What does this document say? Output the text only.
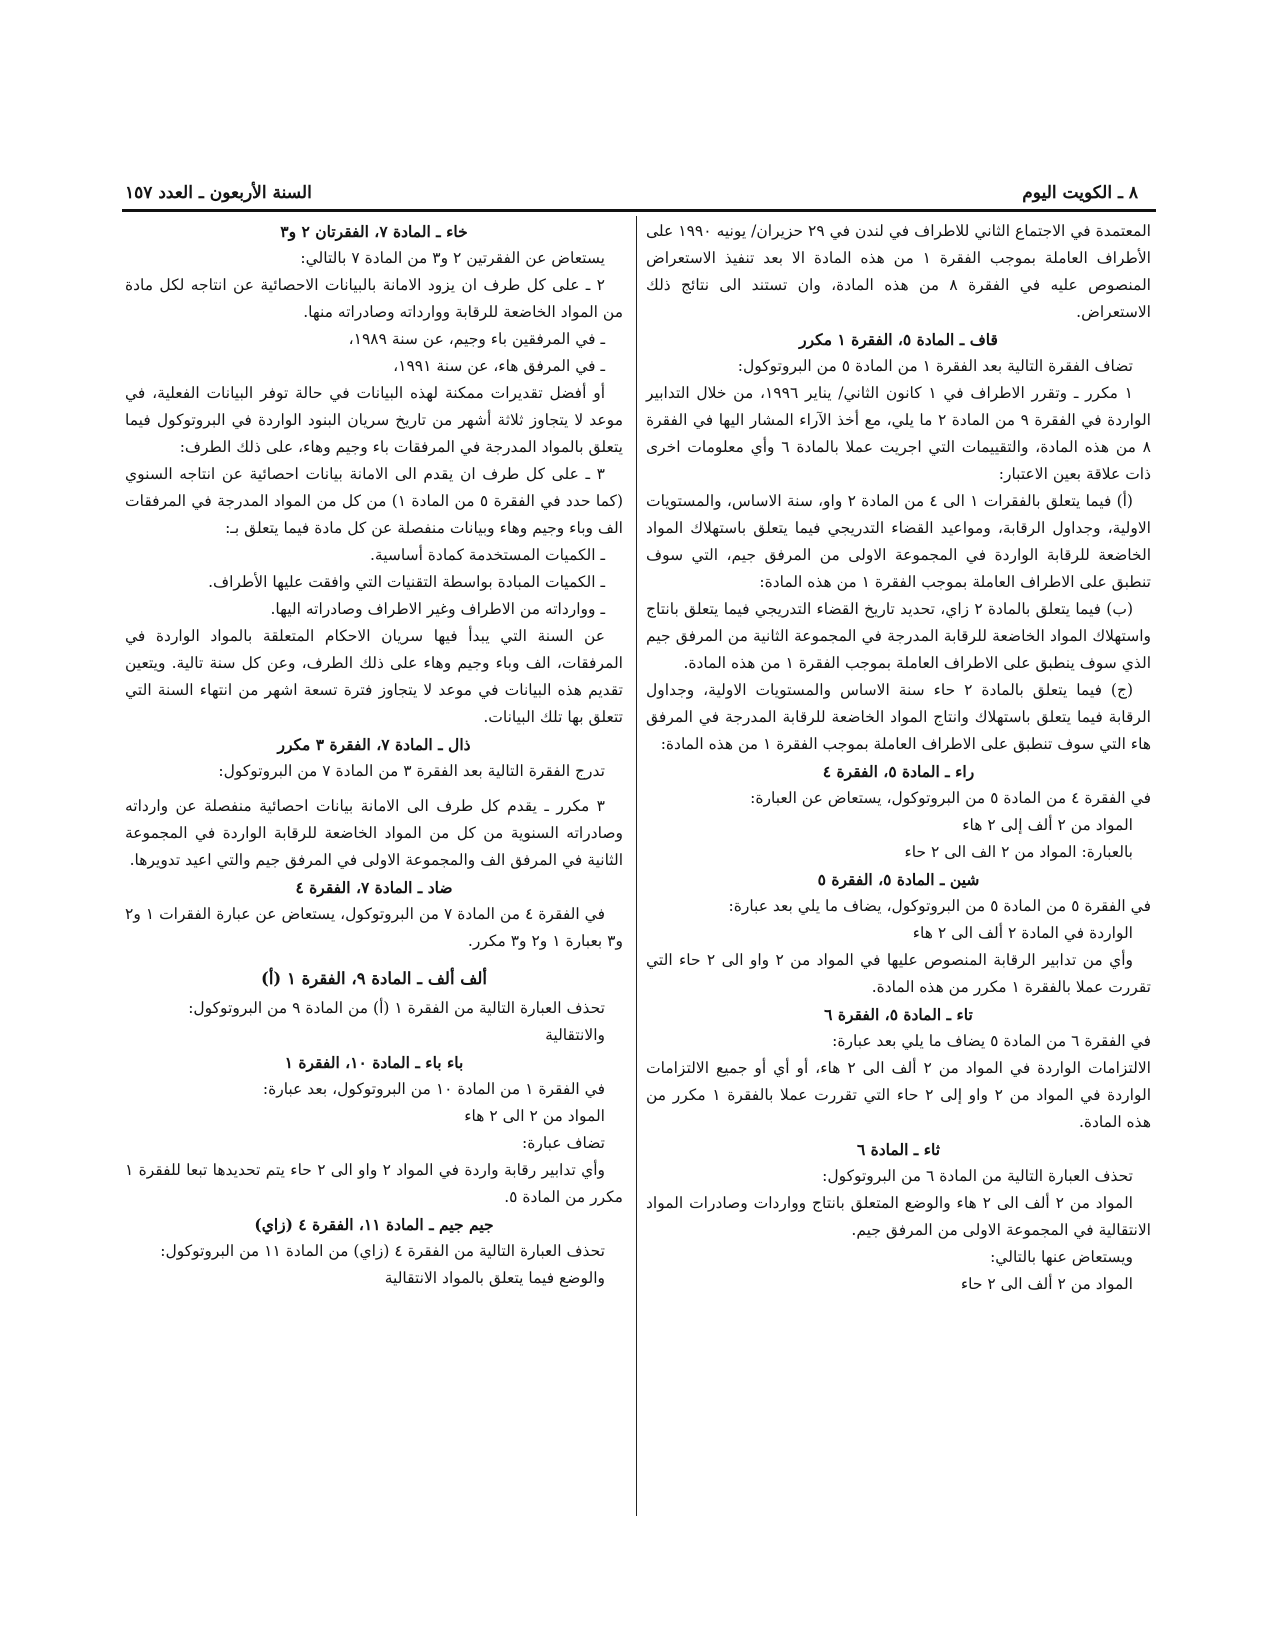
٨ ـ الكويت اليوم
السنة الأربعون ـ العدد ١٥٧

المعتمدة في الاجتماع الثاني للاطراف في لندن في ٢٩ حزيران/ يونيه ١٩٩٠ على الأطراف العاملة بموجب الفقرة ١ من هذه المادة الا بعد تنفيذ الاستعراض المنصوص عليه في الفقرة ٨ من هذه المادة، وان تستند الى نتائج ذلك الاستعراض.

قاف ـ المادة ٥، الفقرة ١ مكرر

تضاف الفقرة التالية بعد الفقرة ١ من المادة ٥ من البروتوكول:

١ مكرر ـ وتقرر الاطراف في ١ كانون الثاني/ يناير ١٩٩٦، من خلال التدابير الواردة في الفقرة ٩ من المادة ٢ ما يلي، مع أخذ الآراء المشار اليها في الفقرة ٨ من هذه المادة، والتقييمات التي اجريت عملا بالمادة ٦ وأي معلومات اخرى ذات علاقة بعين الاعتبار:

(أ) فيما يتعلق بالفقرات ١ الى ٤ من المادة ٢ واو، سنة الاساس، والمستويات الاولية، وجداول الرقابة، ومواعيد القضاء التدريجي فيما يتعلق باستهلاك المواد الخاضعة للرقابة الواردة في المجموعة الاولى من المرفق جيم، التي سوف تنطبق على الاطراف العاملة بموجب الفقرة ١ من هذه المادة:

(ب) فيما يتعلق بالمادة ٢ زاي، تحديد تاريخ القضاء التدريجي فيما يتعلق بانتاج واستهلاك المواد الخاضعة للرقابة المدرجة في المجموعة الثانية من المرفق جيم الذي سوف ينطبق على الاطراف العاملة بموجب الفقرة ١ من هذه المادة.

(ج) فيما يتعلق بالمادة ٢ حاء سنة الاساس والمستويات الاولية، وجداول الرقابة فيما يتعلق باستهلاك وانتاج المواد الخاضعة للرقابة المدرجة في المرفق هاء التي سوف تنطبق على الاطراف العاملة بموجب الفقرة ١ من هذه المادة:

راء ـ المادة ٥، الفقرة ٤

في الفقرة ٤ من المادة ٥ من البروتوكول، يستعاض عن العبارة:

المواد من ٢ ألف إلى ٢ هاء

بالعبارة: المواد من ٢ الف الى ٢ حاء

شين ـ المادة ٥، الفقرة ٥

في الفقرة ٥ من المادة ٥ من البروتوكول، يضاف ما يلي بعد عبارة:

الواردة في المادة ٢ ألف الى ٢ هاء

وأي من تدابير الرقابة المنصوص عليها في المواد من ٢ واو الى ٢ حاء التي تقررت عملا بالفقرة ١ مكرر من هذه المادة.

تاء ـ المادة ٥، الفقرة ٦

في الفقرة ٦ من المادة ٥ يضاف ما يلي بعد عبارة:

الالتزامات الواردة في المواد من ٢ ألف الى ٢ هاء، أو أي أو جميع الالتزامات الواردة في المواد من ٢ واو إلى ٢ حاء التي تقررت عملا بالفقرة ١ مكرر من هذه المادة.

ثاء ـ المادة ٦

تحذف العبارة التالية من المادة ٦ من البروتوكول:

المواد من ٢ ألف الى ٢ هاء والوضع المتعلق بانتاج وواردات وصادرات المواد الانتقالية في المجموعة الاولى من المرفق جيم.

ويستعاض عنها بالتالي:

المواد من ٢ ألف الى ٢ حاء

خاء ـ المادة ٧، الفقرتان ٢ و٣

يستعاض عن الفقرتين ٢ و٣ من المادة ٧ بالتالي:

٢ ـ على كل طرف ان يزود الامانة بالبيانات الاحصائية عن انتاجه لكل مادة من المواد الخاضعة للرقابة ووارداته وصادراته منها.

ـ في المرفقين باء وجيم، عن سنة ١٩٨٩،

ـ في المرفق هاء، عن سنة ١٩٩١،

أو أفضل تقديرات ممكنة لهذه البيانات في حالة توفر البيانات الفعلية، في موعد لا يتجاوز ثلاثة أشهر من تاريخ سريان البنود الواردة في البروتوكول فيما يتعلق بالمواد المدرجة في المرفقات باء وجيم وهاء، على ذلك الطرف:

٣ ـ على كل طرف ان يقدم الى الامانة بيانات احصائية عن انتاجه السنوي (كما حدد في الفقرة ٥ من المادة ١) من كل من المواد المدرجة في المرفقات الف وباء وجيم وهاء وبيانات منفصلة عن كل مادة فيما يتعلق بـ:

ـ الكميات المستخدمة كمادة أساسية.

ـ الكميات المبادة بواسطة التقنيات التي وافقت عليها الأطراف.

ـ ووارداته من الاطراف وغير الاطراف وصادراته اليها.

عن السنة التي يبدأ فيها سريان الاحكام المتعلقة بالمواد الواردة في المرفقات، الف وباء وجيم وهاء على ذلك الطرف، وعن كل سنة تالية. ويتعين تقديم هذه البيانات في موعد لا يتجاوز فترة تسعة اشهر من انتهاء السنة التي تتعلق بها تلك البيانات.

ذال ـ المادة ٧، الفقرة ٣ مكرر

تدرج الفقرة التالية بعد الفقرة ٣ من المادة ٧ من البروتوكول:

٣ مكرر ـ يقدم كل طرف الى الامانة بيانات احصائية منفصلة عن وارداته وصادراته السنوية من كل من المواد الخاضعة للرقابة الواردة في المجموعة الثانية في المرفق الف والمجموعة الاولى في المرفق جيم والتي اعيد تدويرها.

ضاد ـ المادة ٧، الفقرة ٤

في الفقرة ٤ من المادة ٧ من البروتوكول، يستعاض عن عبارة الفقرات ١ و٢ و٣ بعبارة ١ و٢ و٣ مكرر.

ألف ألف ـ المادة ٩، الفقرة ١ (أ)

تحذف العبارة التالية من الفقرة ١ (أ) من المادة ٩ من البروتوكول:

والانتقالية

باء باء ـ المادة ١٠، الفقرة ١

في الفقرة ١ من المادة ١٠ من البروتوكول، بعد عبارة:

المواد من ٢ الى ٢ هاء

تضاف عبارة:

وأي تدابير رقابة واردة في المواد ٢ واو الى ٢ حاء يتم تحديدها تبعا للفقرة ١ مكرر من المادة ٥.

جيم جيم ـ المادة ١١، الفقرة ٤ (زاي)

تحذف العبارة التالية من الفقرة ٤ (زاي) من المادة ١١ من البروتوكول:

والوضع فيما يتعلق بالمواد الانتقالية
